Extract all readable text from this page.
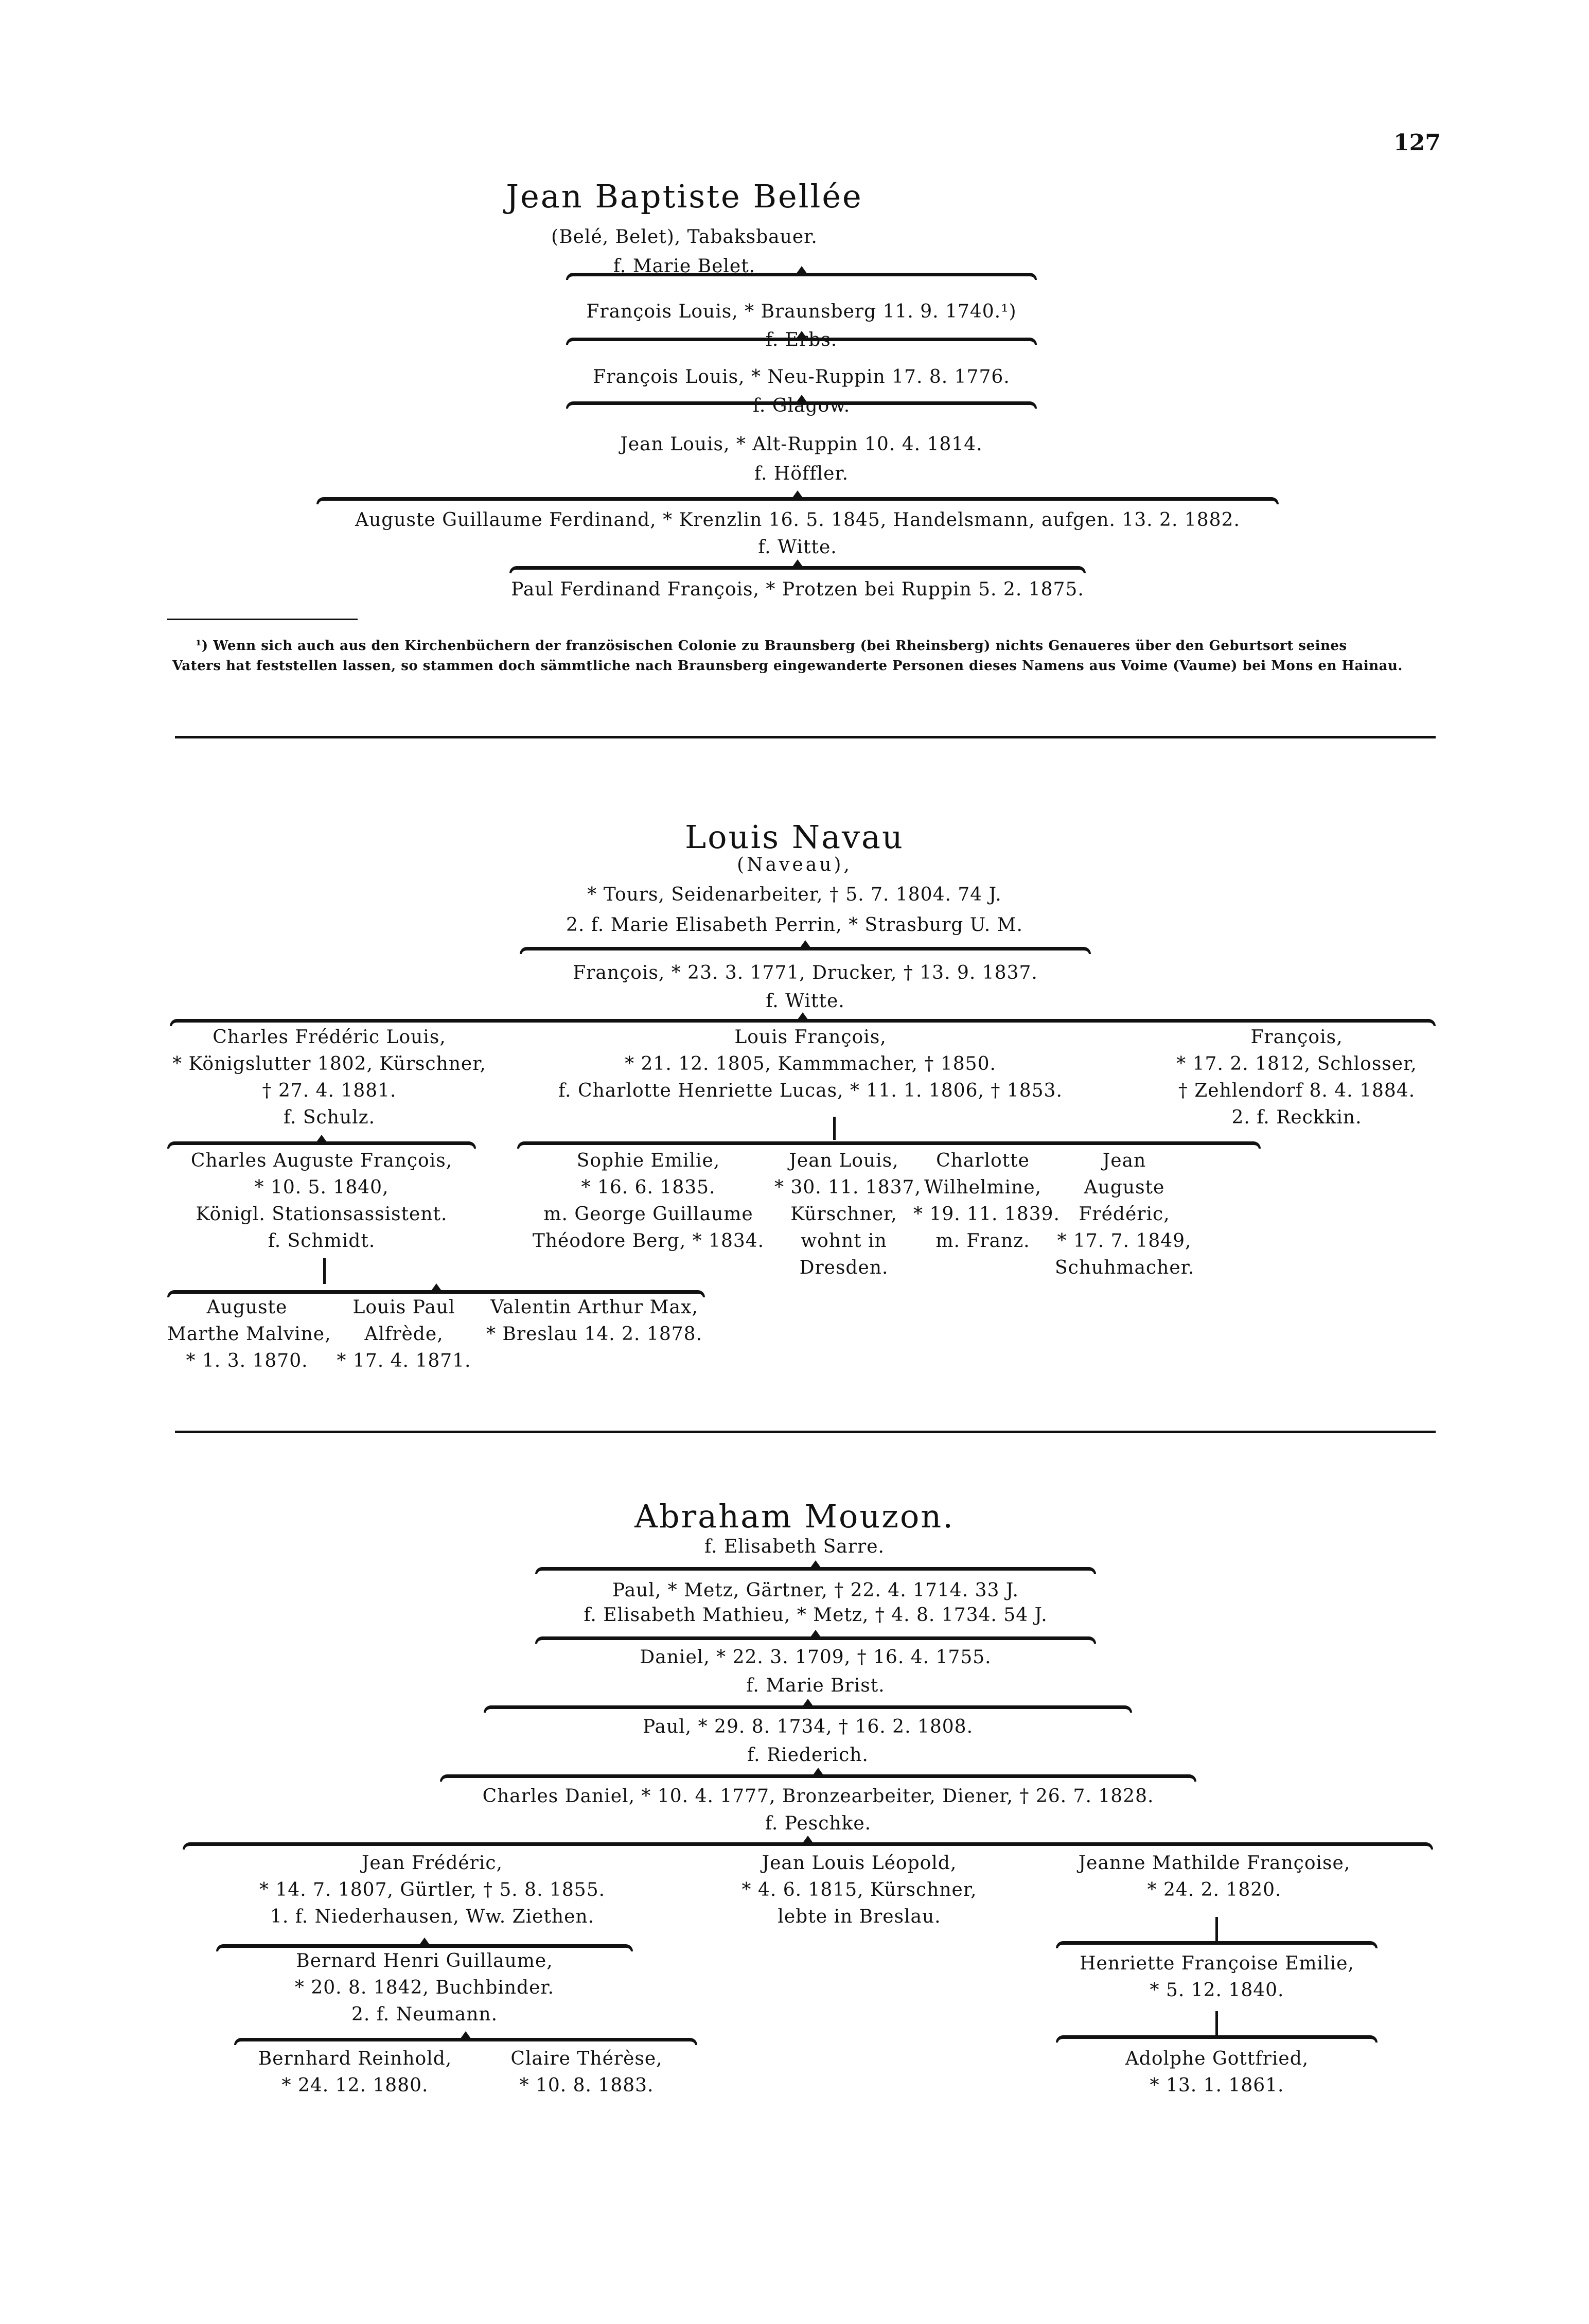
127
Jean Baptiste Bellée
(Belé, Belet), Tabaksbauer.
f. Marie Belet.
François Louis, * Braunsberg 11. 9. 1740.¹)
f. Erbs.
François Louis, * Neu-Ruppin 17. 8. 1776.
f. Glagow.
Jean Louis, * Alt-Ruppin 10. 4. 1814.
f. Höffler.
Auguste Guillaume Ferdinand, * Krenzlin 16. 5. 1845, Handelsmann, aufgen. 13. 2. 1882.
f. Witte.
Paul Ferdinand François, * Protzen bei Ruppin 5. 2. 1875.
¹) Wenn sich auch aus den Kirchenbüchern der französischen Colonie zu Braunsberg (bei Rheinsberg) nichts Genaueres über den Geburtsort seines
Vaters hat feststellen lassen, so stammen doch sämmtliche nach Braunsberg eingewanderte Personen dieses Namens aus Voime (Vaume) bei Mons en Hainau.
Louis Navau
(Naveau),
* Tours, Seidenarbeiter, † 5. 7. 1804. 74 J.
2. f. Marie Elisabeth Perrin, * Strasburg U. M.
François, * 23. 3. 1771, Drucker, † 13. 9. 1837.
f. Witte.
Charles Frédéric Louis,
* Königslutter 1802, Kürschner,
† 27. 4. 1881.
f. Schulz.
Louis François,
* 21. 12. 1805, Kammmacher, † 1850.
f. Charlotte Henriette Lucas, * 11. 1. 1806, † 1853.
François,
* 17. 2. 1812, Schlosser,
† Zehlendorf 8. 4. 1884.
2. f. Reckkin.
Charles Auguste François,
* 10. 5. 1840,
Königl. Stationsassistent.
f. Schmidt.
Sophie Emilie,
* 16. 6. 1835.
m. George Guillaume
Théodore Berg, * 1834.
Jean Louis,
* 30. 11. 1837,
Kürschner,
wohnt in
Dresden.
Charlotte
Wilhelmine,
* 19. 11. 1839.
m. Franz.
Jean
Auguste
Frédéric,
* 17. 7. 1849,
Schuhmacher.
Auguste
Marthe Malvine,
* 1. 3. 1870.
Louis Paul
Alfrède,
* 17. 4. 1871.
Valentin Arthur Max,
* Breslau 14. 2. 1878.
Abraham Mouzon.
f. Elisabeth Sarre.
Paul, * Metz, Gärtner, † 22. 4. 1714. 33 J.
f. Elisabeth Mathieu, * Metz, † 4. 8. 1734. 54 J.
Daniel, * 22. 3. 1709, † 16. 4. 1755.
f. Marie Brist.
Paul, * 29. 8. 1734, † 16. 2. 1808.
f. Riederich.
Charles Daniel, * 10. 4. 1777, Bronzearbeiter, Diener, † 26. 7. 1828.
f. Peschke.
Jean Frédéric,
* 14. 7. 1807, Gürtler, † 5. 8. 1855.
1. f. Niederhausen, Ww. Ziethen.
Jean Louis Léopold,
* 4. 6. 1815, Kürschner,
lebte in Breslau.
Jeanne Mathilde Françoise,
* 24. 2. 1820.
Bernard Henri Guillaume,
* 20. 8. 1842, Buchbinder.
2. f. Neumann.
Bernhard Reinhold,
* 24. 12. 1880.
Claire Thérèse,
* 10. 8. 1883.
Henriette Françoise Emilie,
* 5. 12. 1840.
Adolphe Gottfried,
* 13. 1. 1861.
